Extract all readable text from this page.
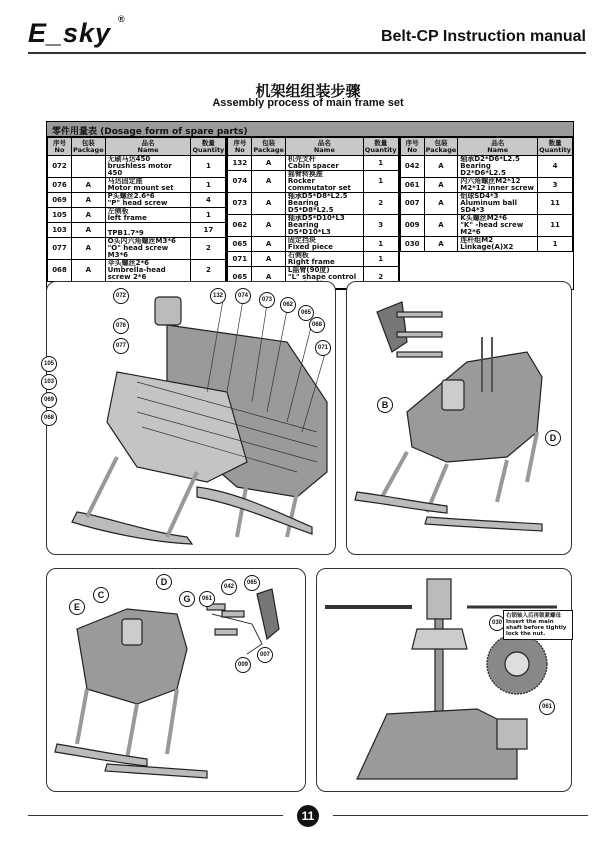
E_sky ®
Belt-CP Instruction manual
机架组组装步骤
Assembly process of main frame set
零件用量表 (Dosage form of spare parts)
序号
No	包装
Package	品名
Name	数量
Quantity
072		无刷马达450
brushless motor 450	1
076	A	马达固定座
Motor mount set	1
069	A	P头螺丝2.6*6
"P" head screw	4
105	A	左侧板
left frame	1
103	A	TPB1.7*9	17
077	A	O头内六角螺丝M3*6
"O" head screw M3*6	2
068	A	伞头螺丝2*6
Umbrella-head screw 2*6	2
序号
No	包装
Package	品名
Name	数量
Quantity
132	A	机壳支杆
Cabin spacer	1
074	A	摇臂转换座
Rocker commutator set	1
073	A	轴承D5*D8*L2.5
Bearing D5*D8*L2.5	2
062	A	轴承D5*D10*L3
Bearing D5*D10*L3	3
065	A	固定挡块
Fixed piece	1
071	A	右侧板
Right frame	1
065	A	L摇臂(90度)
"L" shape control	2
序号
No	包装
Package	品名
Name	数量
Quantity
042	A	轴承D2*D6*L2.5
Bearing D2*D6*L2.5	4
061	A	内六角螺丝M2*12
M2*12 inner screw	3
007	A	铝球SD4*3
Aluminum ball SD4*3	11
009	A	K头螺丝M2*6
"K" -head screw M2*6	11
030	A	连杆组M2
Linkage(A)X2	1
072	132	074
073
062
065
068
071
076
077
105
103
069
068
B
D
D
C
E
G	061
042
065
009
007
030
061
右锁轴入后再锁紧螺母 Insert the main shaft before tightly lock the nut.
11
